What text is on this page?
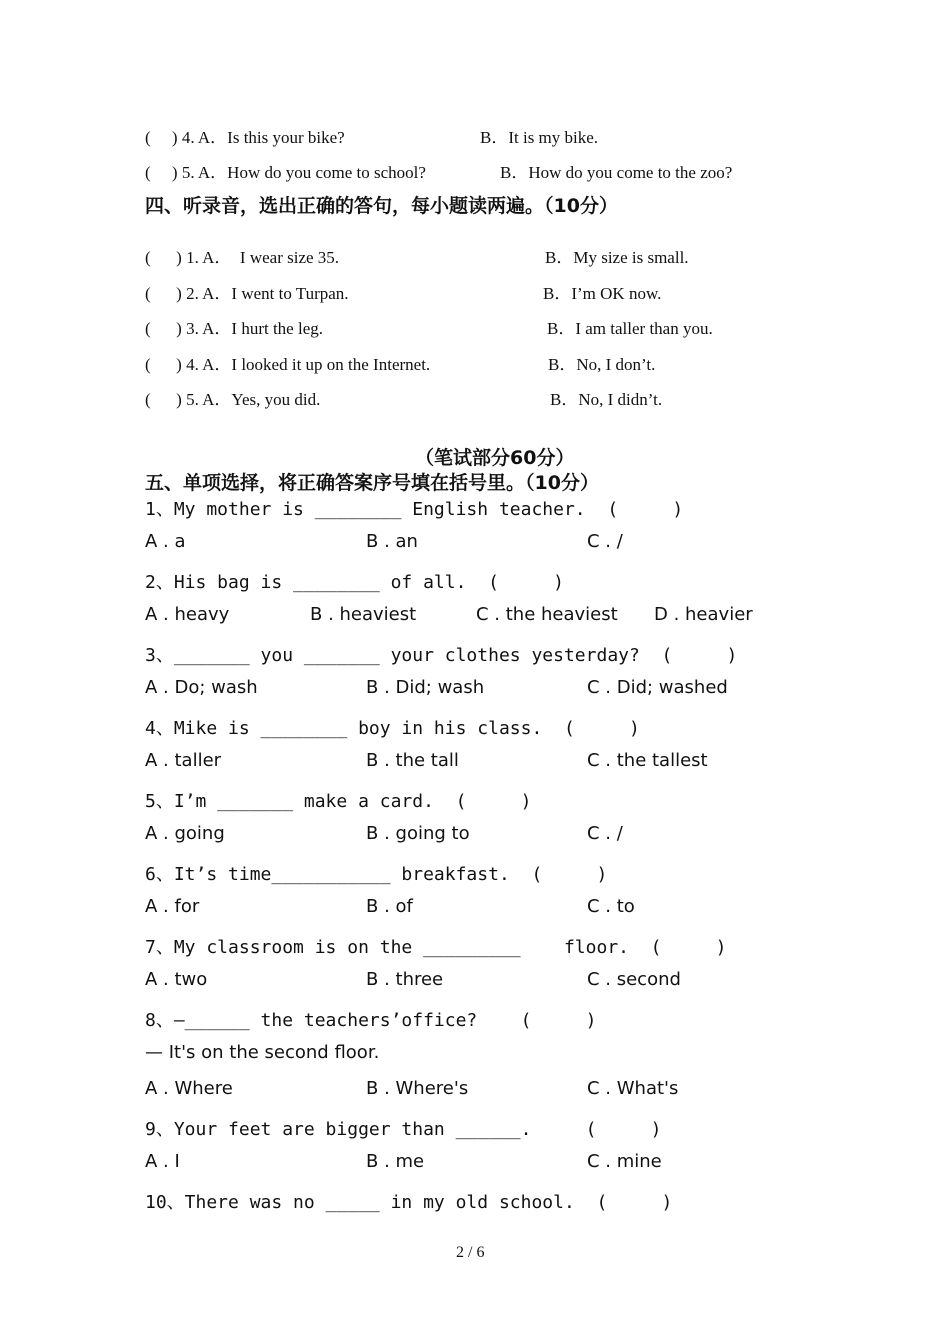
(     ) 4. A．Is this your bike?	B．It is my bike.
(     ) 5. A．How do you come to school?	B．How do you come to the zoo?
四、听录音，选出正确的答句，每小题读两遍。（10分）
(      ) 1. A．  I wear size 35.	B．My size is small.
(      ) 2. A．I went to Turpan.	B．I’m OK now.
(      ) 3. A．I hurt the leg.	B．I am taller than you.
(      ) 4. A．I looked it up on the Internet.	B．No, I don’t.
(      ) 5. A．Yes, you did.	B．No, I didn’t.
（笔试部分60分）
五、单项选择，将正确答案序号填在括号里。（10分）
1、My mother is ________ English teacher.  (     )
A . a	B . an	C . /
2、His bag is ________ of all.  (     )
A . heavy	B . heaviest	C . the heaviest D . heavier
3、_______ you _______ your clothes yesterday?  (     )
A . Do; wash	B . Did; wash	C . Did; washed
4、Mike is ________ boy in his class.  (     )
A . taller	B . the tall	C . the tallest
5、I’m _______ make a card.  (     )
A . going	B . going to	C . /
6、It’s time___________ breakfast.  (     )
A . for	B . of	C . to
7、My classroom is on the _________    floor.  (     )
A . two	B . three	C . second
8、—______ the teachers’office?    (     )
— It's on the second floor.
A . Where	B . Where's	C . What's
9、Your feet are bigger than ______.     (     )
A . I	B . me	C . mine
10、There was no _____ in my old school.  (     )
2 / 6
